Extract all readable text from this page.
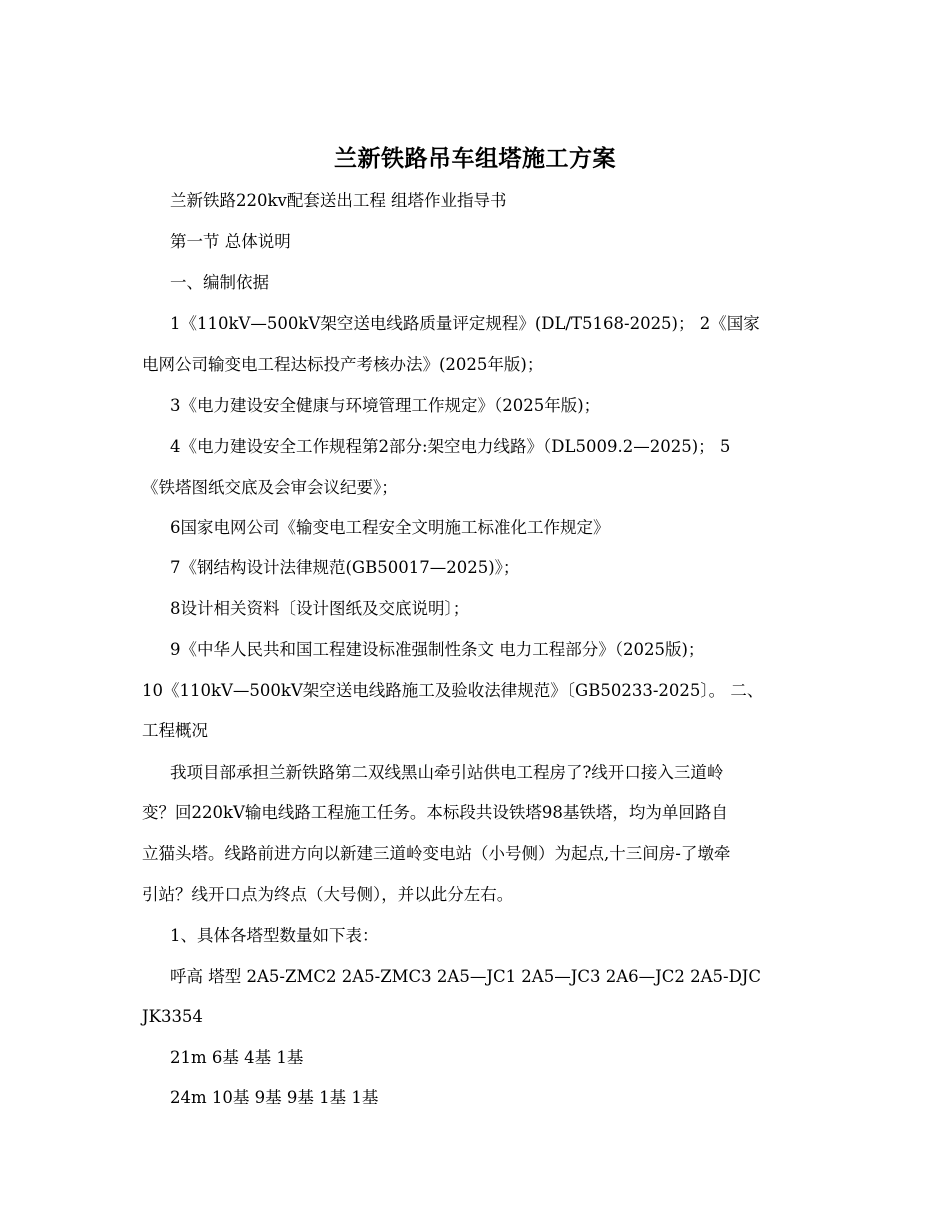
兰新铁路吊车组塔施工方案
兰新铁路220kv配套送出工程 组塔作业指导书
第一节 总体说明
一、编制依据
1《110kV—500kV架空送电线路质量评定规程》(DL/T5168-2025)； 2《国家
电网公司输变电工程达标投产考核办法》(2025年版)；
3《电力建设安全健康与环境管理工作规定》（2025年版)；
4《电力建设安全工作规程第2部分:架空电力线路》（DL5009.2—2025)； 5
《铁塔图纸交底及会审会议纪要》；
6国家电网公司《输变电工程安全文明施工标准化工作规定》
7《钢结构设计法律规范(GB50017—2025)》；
8设计相关资料〔设计图纸及交底说明〕；
9《中华人民共和国工程建设标准强制性条文 电力工程部分》（2025版)；
10《110kV—500kV架空送电线路施工及验收法律规范》〔GB50233-2025〕。 二、
工程概况
我项目部承担兰新铁路第二双线黑山牵引站供电工程房了?线开口接入三道岭
变？回220kV输电线路工程施工任务。本标段共设铁塔98基铁塔，均为单回路自
立猫头塔。线路前进方向以新建三道岭变电站（小号侧）为起点,十三间房-了墩牵
引站？线开口点为终点（大号侧），并以此分左右。
1、具体各塔型数量如下表：
呼高 塔型 2A5-ZMC2 2A5-ZMC3 2A5—JC1 2A5—JC3 2A6—JC2 2A5-DJC
JK3354
21m 6基 4基 1基
24m 10基 9基 9基 1基 1基
